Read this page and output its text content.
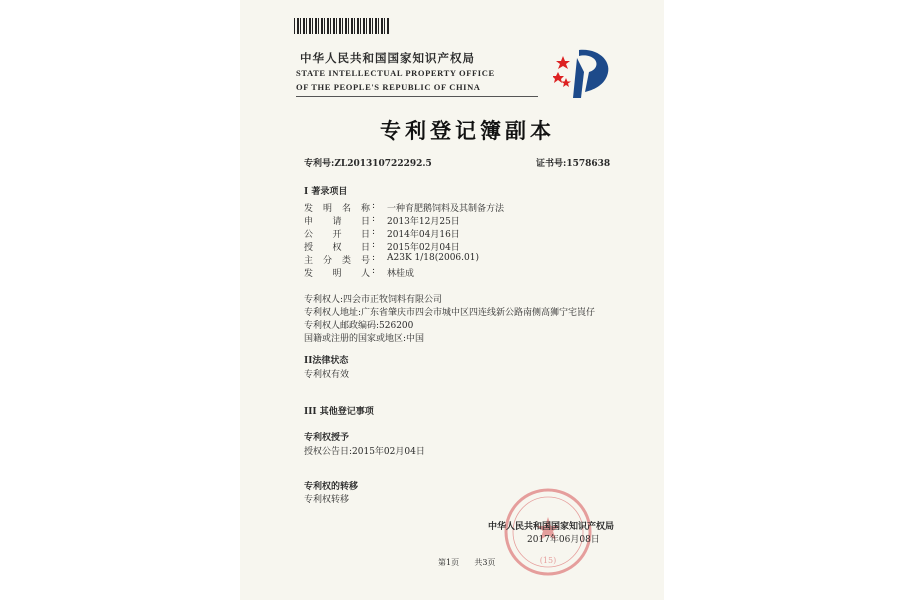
中华人民共和国国家知识产权局
STATE INTELLECTUAL PROPERTY OFFICE
OF THE PEOPLE'S REPUBLIC OF CHINA
专利登记簿副本
专利号:ZL201310722292.5	证书号:1578638
I 著录项目
发明名称 : 一种育肥鹅饲料及其制备方法
申请日 : 2013年12月25日
公开日 : 2014年04月16日
授权日 : 2015年02月04日
主分类号 : A23K 1/18(2006.01)
发明人 : 林桂成
专利权人:四会市正牧饲料有限公司
专利权人地址:广东省肇庆市四会市城中区四连线新公路南侧高狮宁宅崀仔
专利权人邮政编码:526200
国籍或注册的国家或地区:中国
II法律状态
专利权有效
III 其他登记事项
专利权授予
授权公告日:2015年02月04日
专利权的转移
专利权转移
(15)
中华人民共和国国家知识产权局
2017年06月08日
第1页      共3页
